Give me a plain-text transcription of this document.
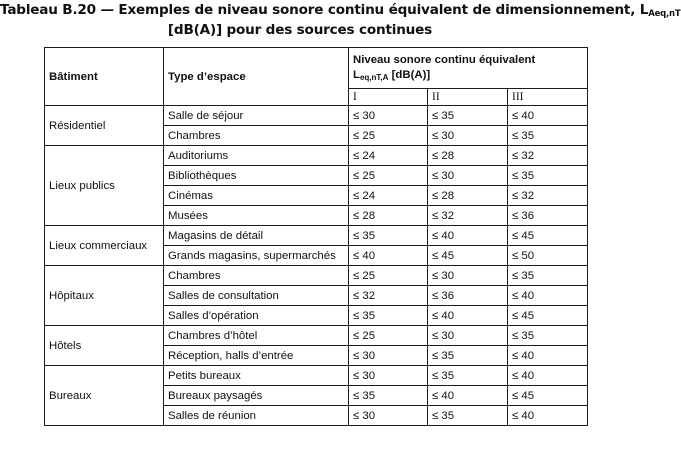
Tableau B.20 — Exemples de niveau sonore continu équivalent de dimensionnement, $L_{Aeq,nT}$
[dB(A)] pour des sources continues
Bâtiment	Type d’espace	Niveau sonore continu équivalent
$L_{eq,nT,A}$ [dB(A)]		
		I	II	III
Résidentiel	Salle de séjour	≤ 30	≤ 35	≤ 40
	Chambres	≤ 25	≤ 30	≤ 35
Lieux publics	Auditoriums	≤ 24	≤ 28	≤ 32
	Bibliothèques	≤ 25	≤ 30	≤ 35
	Cinémas	≤ 24	≤ 28	≤ 32
	Musées	≤ 28	≤ 32	≤ 36
Lieux commerciaux	Magasins de détail	≤ 35	≤ 40	≤ 45
	Grands magasins, supermarchés	≤ 40	≤ 45	≤ 50
Hôpitaux	Chambres	≤ 25	≤ 30	≤ 35
	Salles de consultation	≤ 32	≤ 36	≤ 40
	Salles d’opération	≤ 35	≤ 40	≤ 45
Hôtels	Chambres d’hôtel	≤ 25	≤ 30	≤ 35
	Réception, halls d’entrée	≤ 30	≤ 35	≤ 40
Bureaux	Petits bureaux	≤ 30	≤ 35	≤ 40
	Bureaux paysagés	≤ 35	≤ 40	≤ 45
	Salles de réunion	≤ 30	≤ 35	≤ 40
